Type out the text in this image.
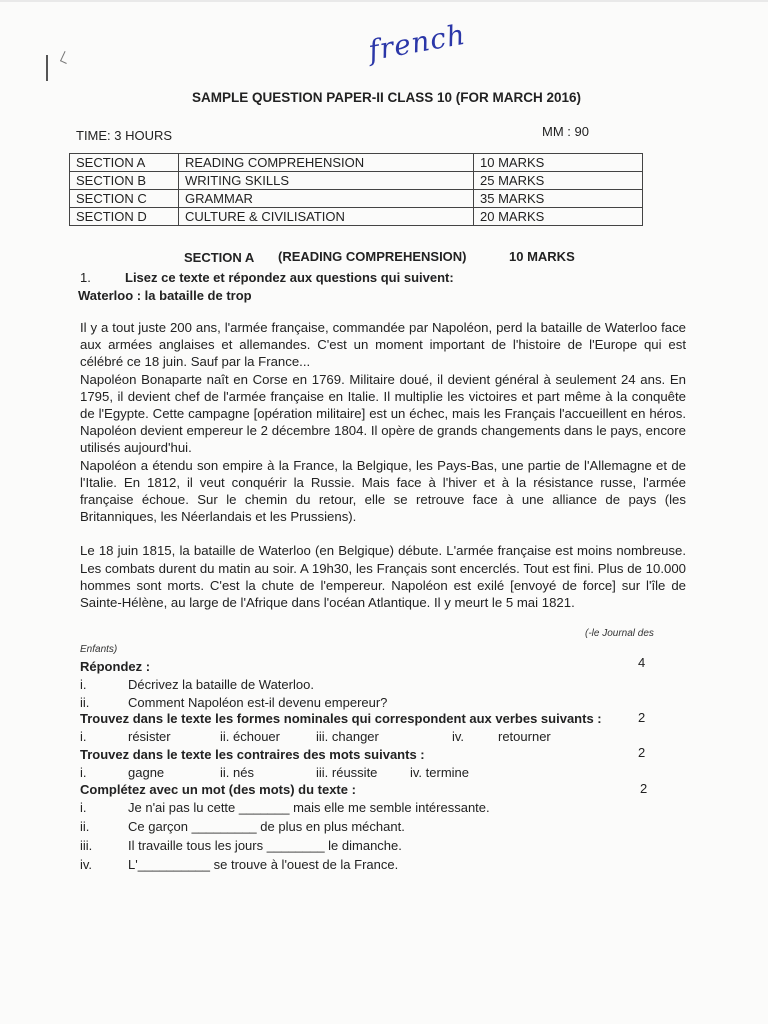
french
SAMPLE QUESTION PAPER-II CLASS 10 (FOR MARCH 2016)
TIME: 3 HOURS	MM : 90
SECTION A	READING COMPREHENSION	10 MARKS
SECTION B	WRITING SKILLS	25 MARKS
SECTION C	GRAMMAR	35 MARKS
SECTION D	CULTURE & CIVILISATION	20 MARKS
SECTION A (READING COMPREHENSION)	10 MARKS
1.	Lisez ce texte et répondez aux questions qui suivent:
Waterloo : la bataille de trop

Il y a tout juste 200 ans, l'armée française, commandée par Napoléon, perd la bataille de Waterloo face aux armées anglaises et allemandes. C'est un moment important de l'histoire de l'Europe qui est célébré ce 18 juin. Sauf par la France...

Napoléon Bonaparte naît en Corse en 1769. Militaire doué, il devient général à seulement 24 ans. En 1795, il devient chef de l'armée française en Italie. Il multiplie les victoires et part même à la conquête de l'Egypte. Cette campagne [opération militaire] est un échec, mais les Français l'accueillent en héros. Napoléon devient empereur le 2 décembre 1804. Il opère de grands changements dans le pays, encore utilisés aujourd'hui.

Napoléon a étendu son empire à la France, la Belgique, les Pays-Bas, une partie de l'Allemagne et de l'Italie. En 1812, il veut conquérir la Russie. Mais face à l'hiver et à la résistance russe, l'armée française échoue. Sur le chemin du retour, elle se retrouve face à une alliance de pays (les Britanniques, les Néerlandais et les Prussiens).

Le 18 juin 1815, la bataille de Waterloo (en Belgique) débute. L'armée française est moins nombreuse. Les combats durent du matin au soir. A 19h30, les Français sont encerclés. Tout est fini. Plus de 10.000 hommes sont morts. C'est la chute de l'empereur. Napoléon est exilé [envoyé de force] sur l'île de Sainte-Hélène, au large de l'Afrique dans l'océan Atlantique. Il y meurt le 5 mai 1821.

(-le Journal des
Enfants)
Répondez :	4
i.	Décrivez la bataille de Waterloo.
ii.	Comment Napoléon est-il devenu empereur?
Trouvez dans le texte les formes nominales qui correspondent aux verbes suivants :	2
i.	résister	ii. échouer	iii. changer	iv.	retourner
Trouvez dans le texte les contraires des mots suivants :	2
i.	gagne	ii. nés	iii. réussite	iv. termine
Complétez avec un mot (des mots) du texte :	2
i.	Je n'ai pas lu cette _______ mais elle me semble intéressante.
ii.	Ce garçon _________ de plus en plus méchant.
iii.	Il travaille tous les jours ________ le dimanche.
iv.	L'__________ se trouve à l'ouest de la France.
